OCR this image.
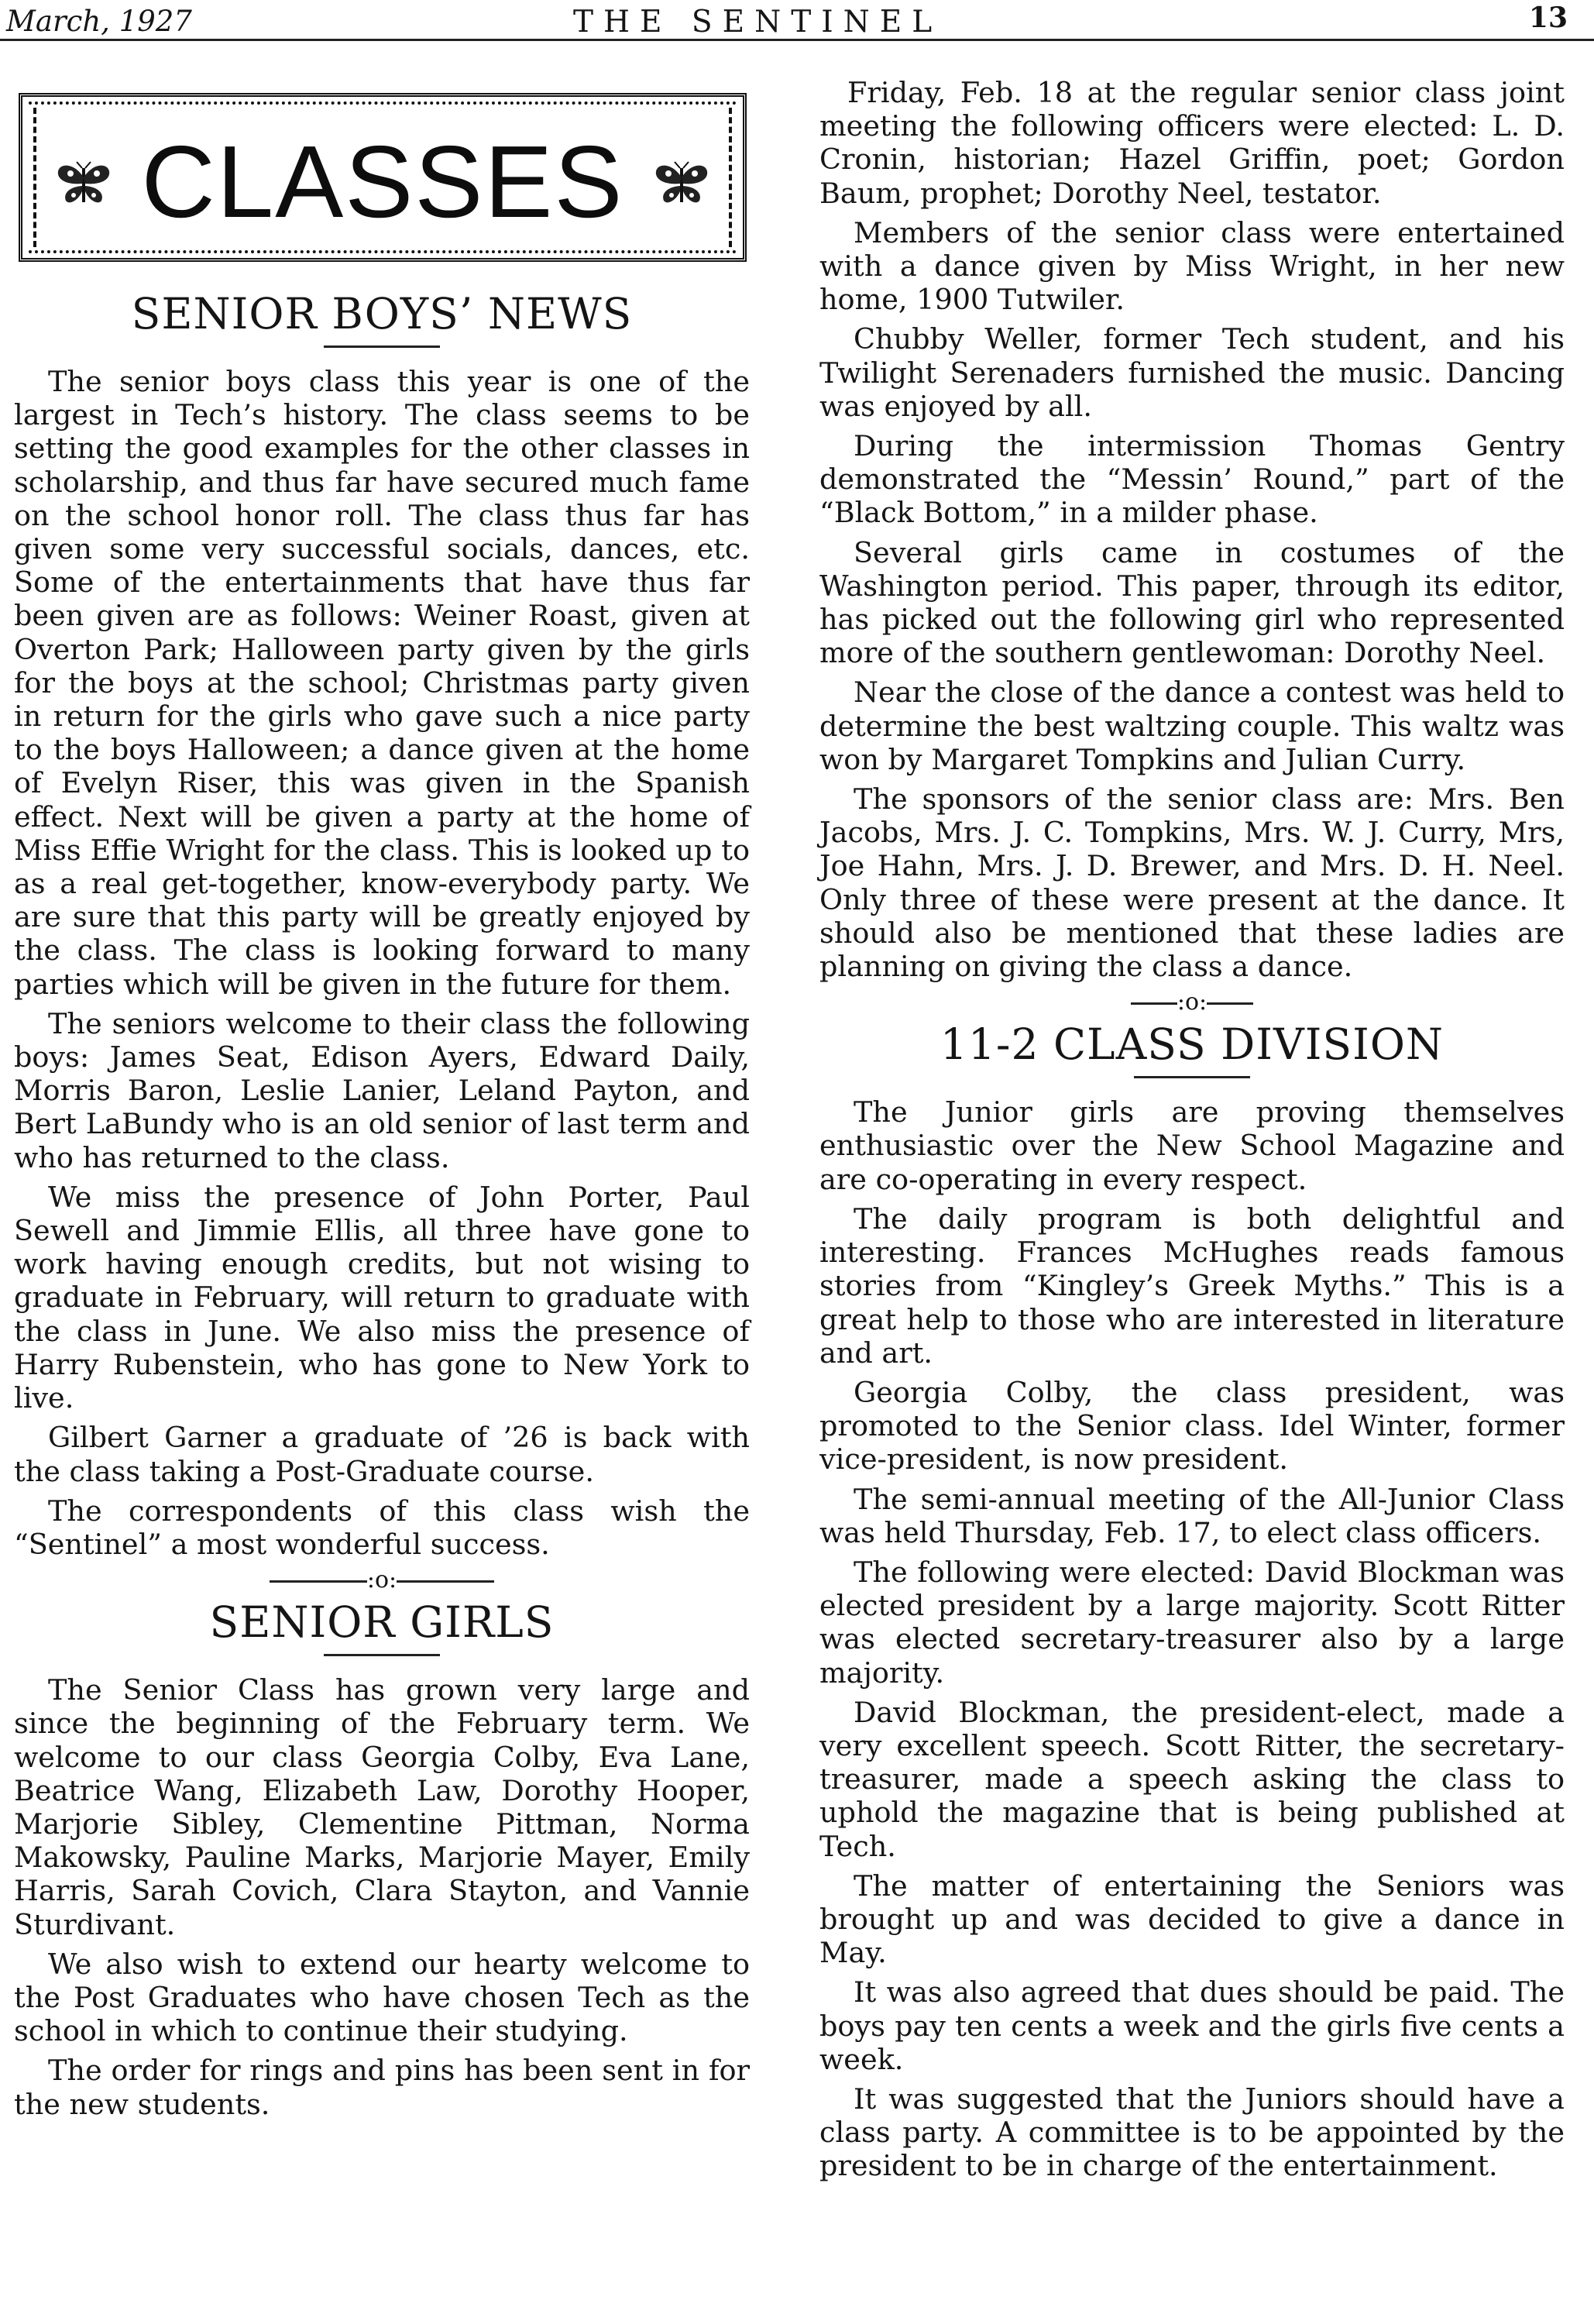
March, 1927	THE SENTINEL	13
CLASSES
SENIOR BOYS’ NEWS

The senior boys class this year is one of the largest in Tech’s history. The class seems to be setting the good examples for the other classes in scholarship, and thus far have secured much fame on the school honor roll. The class thus far has given some very successful socials, dances, etc. Some of the entertainments that have thus far been given are as follows: Weiner Roast, given at Overton Park; Halloween party given by the girls for the boys at the school; Christmas party given in return for the girls who gave such a nice party to the boys Halloween; a dance given at the home of Evelyn Riser, this was given in the Spanish effect. Next will be given a party at the home of Miss Effie Wright for the class. This is looked up to as a real get-together, know-everybody party. We are sure that this party will be greatly enjoyed by the class. The class is looking forward to many parties which will be given in the future for them.

The seniors welcome to their class the following boys: James Seat, Edison Ayers, Edward Daily, Morris Baron, Leslie Lanier, Leland Payton, and Bert LaBundy who is an old senior of last term and who has returned to the class.

We miss the presence of John Porter, Paul Sewell and Jimmie Ellis, all three have gone to work having enough credits, but not wising to graduate in February, will return to graduate with the class in June. We also miss the presence of Harry Rubenstein, who has gone to New York to live.

Gilbert Garner a graduate of ’26 is back with the class taking a Post-Graduate course.

The correspondents of this class wish the “Sentinel” a most wonderful success.

:o:
SENIOR GIRLS

The Senior Class has grown very large and since the beginning of the February term. We welcome to our class Georgia Colby, Eva Lane, Beatrice Wang, Elizabeth Law, Dorothy Hooper, Marjorie Sibley, Clementine Pittman, Norma Makowsky, Pauline Marks, Marjorie Mayer, Emily Harris, Sarah Covich, Clara Stayton, and Vannie Sturdivant.

We also wish to extend our hearty welcome to the Post Graduates who have chosen Tech as the school in which to continue their studying.

The order for rings and pins has been sent in for the new students.

Friday, Feb. 18 at the regular senior class joint meeting the following officers were elected: L. D. Cronin, historian; Hazel Griffin, poet; Gordon Baum, prophet; Dorothy Neel, testator.

Members of the senior class were entertained with a dance given by Miss Wright, in her new home, 1900 Tutwiler.

Chubby Weller, former Tech student, and his Twilight Serenaders furnished the music. Dancing was enjoyed by all.

During the intermission Thomas Gentry demonstrated the “Messin’ Round,” part of the “Black Bottom,” in a milder phase.

Several girls came in costumes of the Washington period. This paper, through its editor, has picked out the following girl who represented more of the southern gentlewoman: Dorothy Neel.

Near the close of the dance a contest was held to determine the best waltzing couple. This waltz was won by Margaret Tompkins and Julian Curry.

The sponsors of the senior class are: Mrs. Ben Jacobs, Mrs. J. C. Tompkins, Mrs. W. J. Curry, Mrs, Joe Hahn, Mrs. J. D. Brewer, and Mrs. D. H. Neel. Only three of these were present at the dance. It should also be mentioned that these ladies are planning on giving the class a dance.

:o:
11-2 CLASS DIVISION

The Junior girls are proving themselves enthusiastic over the New School Magazine and are co-operating in every respect.

The daily program is both delightful and interesting. Frances McHughes reads famous stories from “Kingley’s Greek Myths.” This is a great help to those who are interested in literature and art.

Georgia Colby, the class president, was promoted to the Senior class. Idel Winter, former vice-president, is now president.

The semi-annual meeting of the All-Junior Class was held Thursday, Feb. 17, to elect class officers.

The following were elected: David Blockman was elected president by a large majority. Scott Ritter was elected secretary-treasurer also by a large majority.

David Blockman, the president-elect, made a very excellent speech. Scott Ritter, the secretary-treasurer, made a speech asking the class to uphold the magazine that is being published at Tech.

The matter of entertaining the Seniors was brought up and was decided to give a dance in May.

It was also agreed that dues should be paid. The boys pay ten cents a week and the girls five cents a week.

It was suggested that the Juniors should have a class party. A committee is to be appointed by the president to be in charge of the entertainment.
